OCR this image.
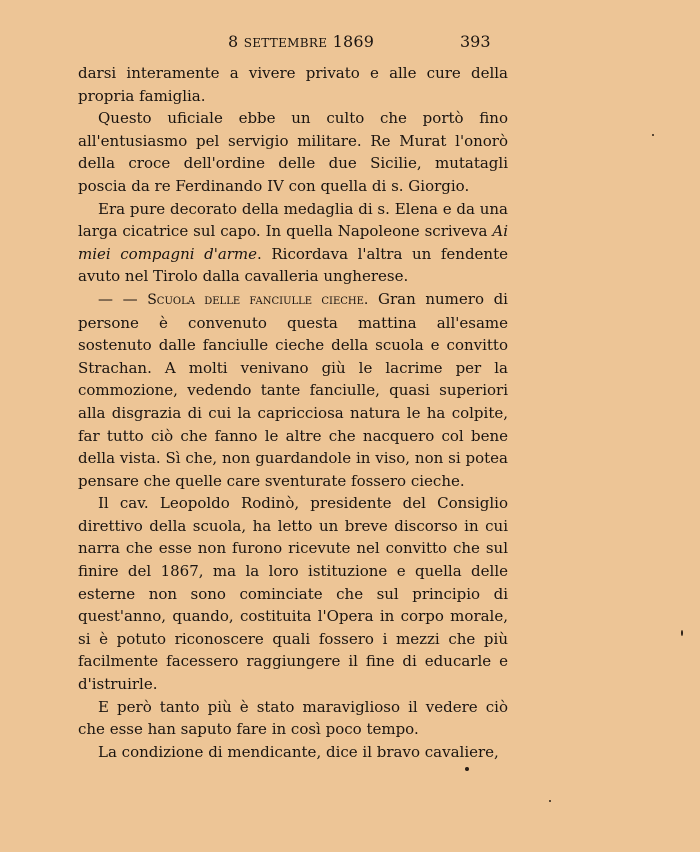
8 SETTEMBRE 1869	393

darsi interamente a vivere privato e alle cure della propria famiglia.

Questo uficiale ebbe un culto che portò fino all'entusiasmo pel servigio militare. Re Murat l'onorò della croce dell'ordine delle due Sicilie, mutatagli poscia da re Ferdinando IV con quella di s. Giorgio.

Era pure decorato della medaglia di s. Elena e da una larga cicatrice sul capo. In quella Napoleone scriveva Ai miei compagni d'arme. Ricordava l'altra un fendente avuto nel Tirolo dalla cavalleria ungherese.

— — Scuola delle fanciulle cieche. Gran numero di persone è convenuto questa mattina all'esame sostenuto dalle fanciulle cieche della scuola e convitto Strachan. A molti venivano giù le lacrime per la commozione, vedendo tante fanciulle, quasi superiori alla disgrazia di cui la capricciosa natura le ha colpite, far tutto ciò che fanno le altre che nacquero col bene della vista. Sì che, non guardandole in viso, non si potea pensare che quelle care sventurate fossero cieche.

Il cav. Leopoldo Rodinò, presidente del Consiglio direttivo della scuola, ha letto un breve discorso in cui narra che esse non furono ricevute nel convitto che sul finire del 1867, ma la loro istituzione e quella delle esterne non sono cominciate che sul principio di quest'anno, quando, costituita l'Opera in corpo morale, si è potuto riconoscere quali fossero i mezzi che più facilmente facessero raggiungere il fine di educarle e d'istruirle.

E però tanto più è stato maraviglioso il vedere ciò che esse han saputo fare in così poco tempo.

La condizione di mendicante, dice il bravo cavaliere,
